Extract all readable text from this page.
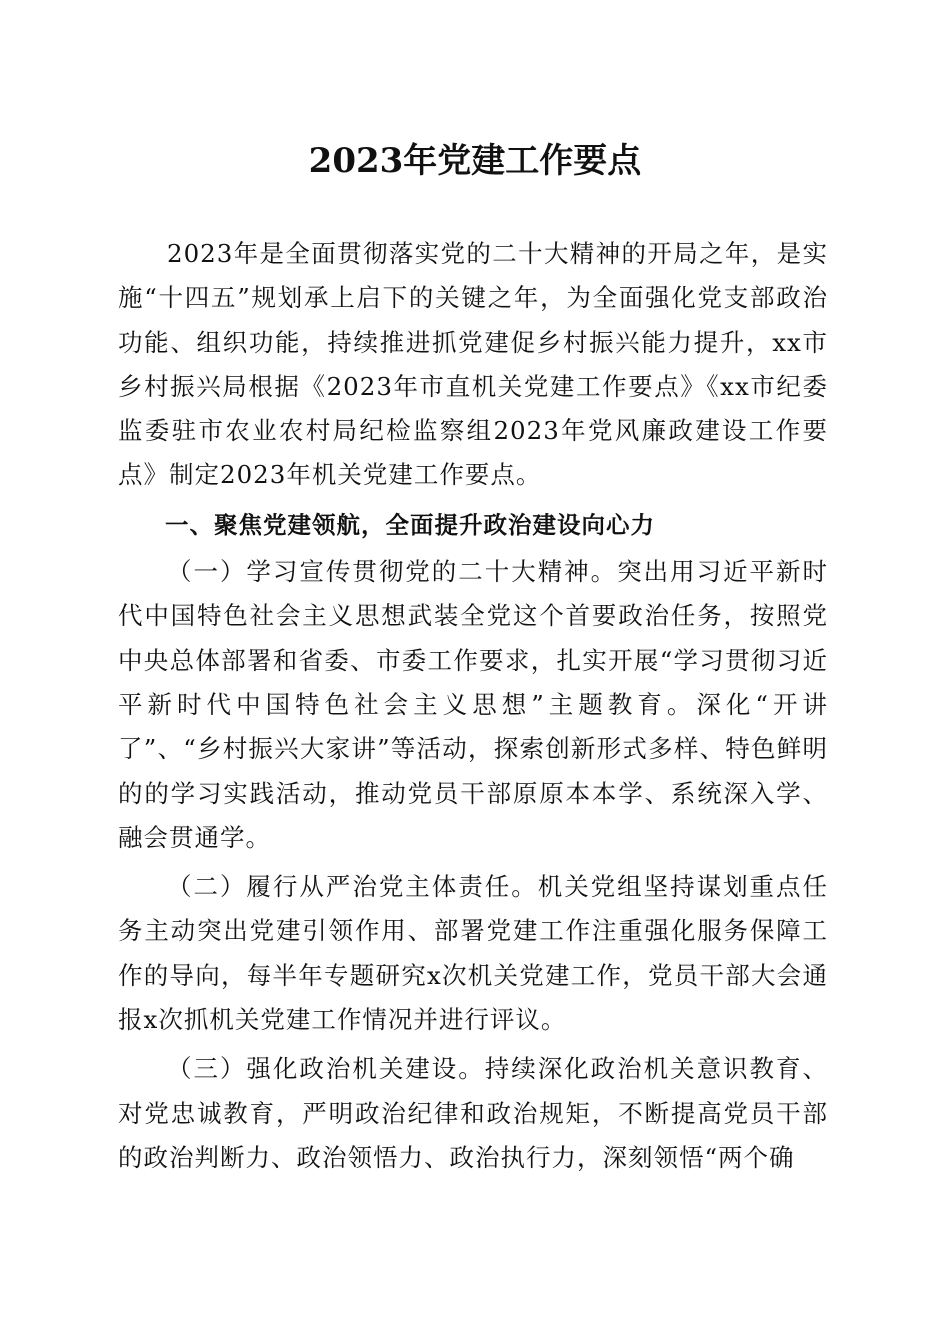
2023年党建工作要点

2023年是全面贯彻落实党的二十大精神的开局之年，是实施“十四五”规划承上启下的关键之年，为全面强化党支部政治功能、组织功能，持续推进抓党建促乡村振兴能力提升，xx市乡村振兴局根据《2023年市直机关党建工作要点》《xx市纪委监委驻市农业农村局纪检监察组2023年党风廉政建设工作要点》制定2023年机关党建工作要点。

一、聚焦党建领航，全面提升政治建设向心力

（一）学习宣传贯彻党的二十大精神。突出用习近平新时代中国特色社会主义思想武装全党这个首要政治任务，按照党中央总体部署和省委、市委工作要求，扎实开展“学习贯彻习近平新时代中国特色社会主义思想”主题教育。深化“开讲了”、“乡村振兴大家讲”等活动，探索创新形式多样、特色鲜明的的学习实践活动，推动党员干部原原本本学、系统深入学、融会贯通学。

（二）履行从严治党主体责任。机关党组坚持谋划重点任务主动突出党建引领作用、部署党建工作注重强化服务保障工作的导向，每半年专题研究x次机关党建工作，党员干部大会通报x次抓机关党建工作情况并进行评议。

（三）强化政治机关建设。持续深化政治机关意识教育、对党忠诚教育，严明政治纪律和政治规矩，不断提高党员干部的政治判断力、政治领悟力、政治执行力，深刻领悟“两个确
